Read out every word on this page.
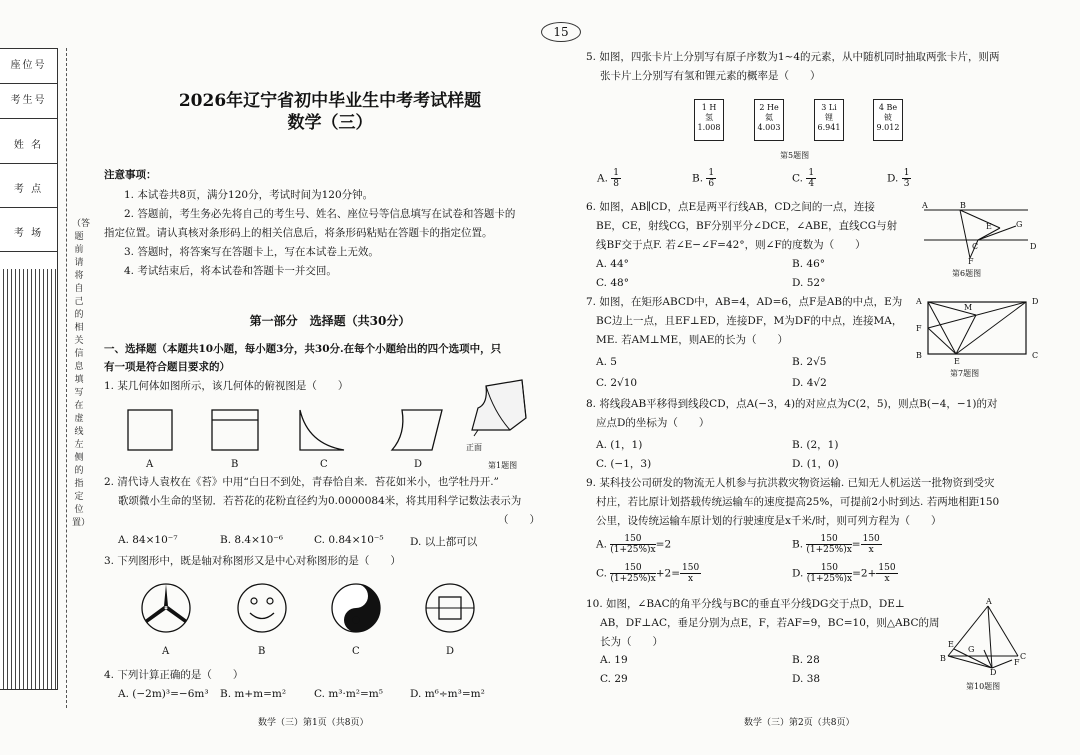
15
座位号
考生号
姓 名
考 点
考 场
（答题前请将自己的相关信息填写在虚线左侧的指定位置）
2026年辽宁省初中毕业生中考考试样题
数学（三）
注意事项：
1. 本试卷共8页，满分120分，考试时间为120分钟。
2. 答题前，考生务必先将自己的考生号、姓名、座位号等信息填写在试卷和答题卡的
指定位置。请认真核对条形码上的相关信息后，将条形码粘贴在答题卡的指定位置。
3. 答题时，将答案写在答题卡上，写在本试卷上无效。
4. 考试结束后，将本试卷和答题卡一并交回。
第一部分　选择题（共30分）
一、选择题（本题共10小题，每小题3分，共30分.在每个小题给出的四个选项中，只
有一项是符合题目要求的）
1. 某几何体如图所示，该几何体的俯视图是（　　）
A	B	C	D
正面
第1题图
2. 清代诗人袁枚在《苔》中用“白日不到处，青春恰自来．苔花如米小，也学牡丹开.”
歌颂微小生命的坚韧．若苔花的花粉直径约为0.0000084米，将其用科学记数法表示为
（　　）
A. 84×10⁻⁷	B. 8.4×10⁻⁶	C. 0.84×10⁻⁵	D. 以上都可以
3. 下列图形中，既是轴对称图形又是中心对称图形的是（　　）
A	B	C	D
4. 下列计算正确的是（　　）
A. (−2m)³=−6m³ B. m+m=m²	C. m³·m²=m⁵	D. m⁶÷m³=m²
数学（三）第1页（共8页）
5. 如图，四张卡片上分别写有原子序数为1~4的元素，从中随机同时抽取两张卡片，则两
张卡片上分别写有氢和锂元素的概率是（　　）
1 H
氢
1.008
2 He
氦
4.003
3 Li
锂
6.941
4 Be
铍
9.012
第5题图
A. $\frac{1}{8}$	B. $\frac{1}{6}$	C. $\frac{1}{4}$	D. $\frac{1}{3}$
6. 如图，AB∥CD，点E是两平行线AB，CD之间的一点，连接
BE，CE，射线CG，BF分别平分∠DCE，∠ABE，直线CG与射
线BF交于点F. 若∠E−∠F=42°，则∠F的度数为（　　）
A. 44°	B. 46°
C. 48°	D. 52°
A	B
E	G
C	D
F
第6题图
7. 如图，在矩形ABCD中，AB=4，AD=6，点F是AB的中点，E为
BC边上一点，且EF⊥ED，连接DF，M为DF的中点，连接MA，
ME. 若AM⊥ME，则AE的长为（　　）
A. 5	B. 2√5
C. 2√10	D. 4√2
A
M
D
F
B
E
C
第7题图
8. 将线段AB平移得到线段CD，点A(−3，4)的对应点为C(2，5)，则点B(−4，−1)的对
应点D的坐标为（　　）
A. (1，1)	B. (2，1)
C. (−1，3)	D. (1，0)
9. 某科技公司研发的物流无人机参与抗洪救灾物资运输. 已知无人机运送一批物资到受灾
村庄，若比原计划搭载传统运输车的速度提高25%，可提前2小时到达. 若两地相距150
公里，设传统运输车原计划的行驶速度是x千米/时，则可列方程为（　　）
A. $\frac{150}{(1+25\%)x} =2$	B. $\frac{150}{(1+25\%)x} = \frac{150}{x}$
C. $\frac{150}{(1+25\%)x} +2= \frac{150}{x}$	D. $\frac{150}{(1+25\%)x} =2+ \frac{150}{x}$
10. 如图，∠BAC的角平分线与BC的垂直平分线DG交于点D，DE⊥
AB，DF⊥AC，垂足分别为点E，F，若AF=9，BC=10，则△ABC的周
长为（　　）
A. 19	B. 28
C. 29	D. 38
A
E
G
B	C
F
D
第10题图
数学（三）第2页（共8页）
